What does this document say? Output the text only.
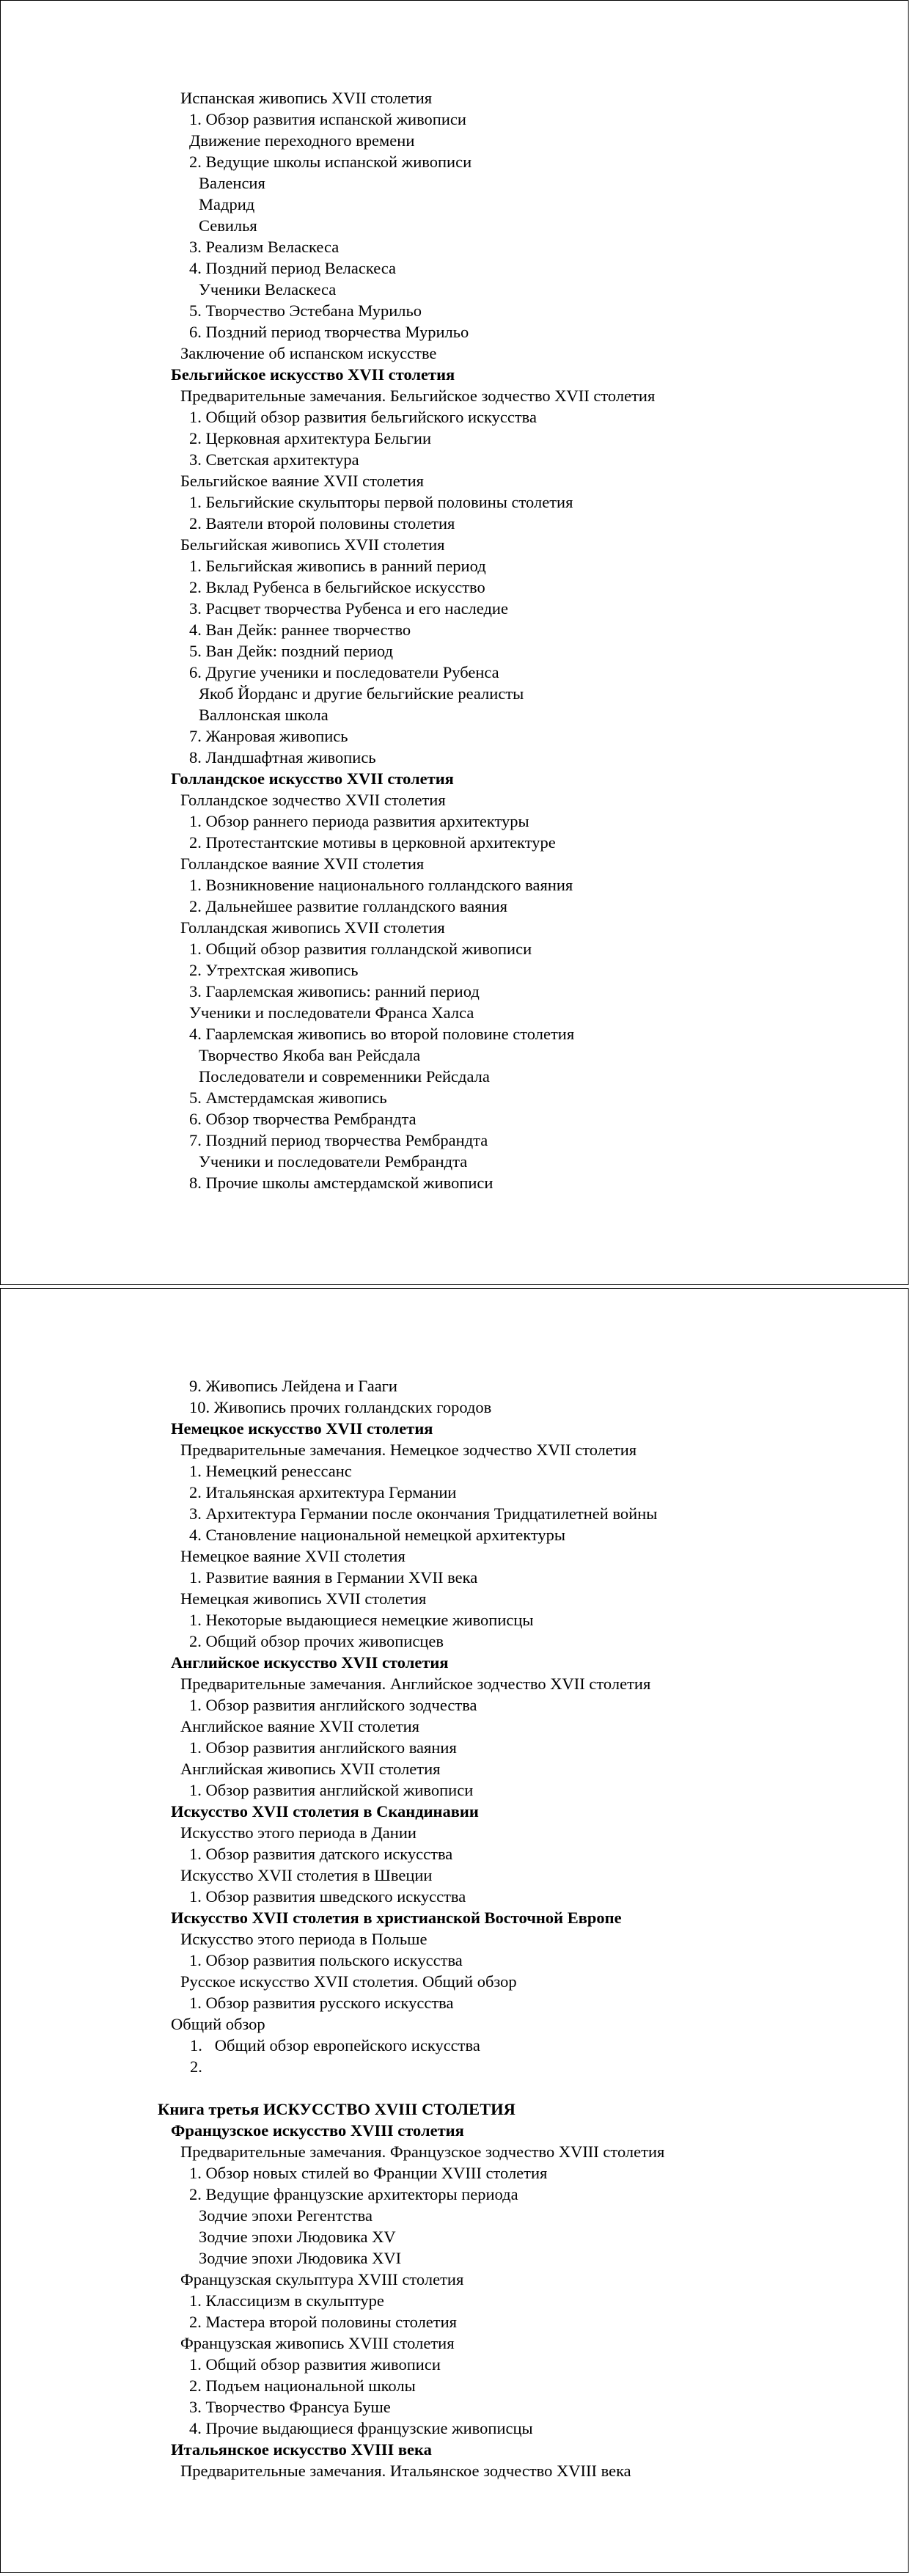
Испанская живопись XVII столетия
1. Обзор развития испанской живописи
Движение переходного времени
2. Ведущие школы испанской живописи
Валенсия
Мадрид
Севилья
3. Реализм Веласкеса
4. Поздний период Веласкеса
Ученики Веласкеса
5. Творчество Эстебана Мурильо
6. Поздний период творчества Мурильо
Заключение об испанском искусстве
Бельгийское искусство XVII столетия
Предварительные замечания. Бельгийское зодчество XVII столетия
1. Общий обзор развития бельгийского искусства
2. Церковная архитектура Бельгии
3. Светская архитектура
Бельгийское ваяние XVII столетия
1. Бельгийские скульпторы первой половины столетия
2. Ваятели второй половины столетия
Бельгийская живопись XVII столетия
1. Бельгийская живопись в ранний период
2. Вклад Рубенса в бельгийское искусство
3. Расцвет творчества Рубенса и его наследие
4. Ван Дейк: раннее творчество
5. Ван Дейк: поздний период
6. Другие ученики и последователи Рубенса
Якоб Йорданс и другие бельгийские реалисты
Валлонская школа
7. Жанровая живопись
8. Ландшафтная живопись
Голландское искусство XVII столетия
Голландское зодчество XVII столетия
1. Обзор раннего периода развития архитектуры
2. Протестантские мотивы в церковной архитектуре
Голландское ваяние XVII столетия
1. Возникновение национального голландского ваяния
2. Дальнейшее развитие голландского ваяния
Голландская живопись XVII столетия
1. Общий обзор развития голландской живописи
2. Утрехтская живопись
3. Гаарлемская живопись: ранний период
Ученики и последователи Франса Халса
4. Гаарлемская живопись во второй половине столетия
Творчество Якоба ван Рейсдала
Последователи и современники Рейсдала
5. Амстердамская живопись
6. Обзор творчества Рембрандта
7. Поздний период творчества Рембрандта
Ученики и последователи Рембрандта
8. Прочие школы амстердамской живописи
9. Живопись Лейдена и Гааги
10. Живопись прочих голландских городов
Немецкое искусство XVII столетия
Предварительные замечания. Немецкое зодчество XVII столетия
1. Немецкий ренессанс
2. Итальянская архитектура Германии
3. Архитектура Германии после окончания Тридцатилетней войны
4. Становление национальной немецкой архитектуры
Немецкое ваяние XVII столетия
1. Развитие ваяния в Германии XVII века
Немецкая живопись XVII столетия
1. Некоторые выдающиеся немецкие живописцы
2. Общий обзор прочих живописцев
Английское искусство XVII столетия
Предварительные замечания. Английское зодчество XVII столетия
1. Обзор развития английского зодчества
Английское ваяние XVII столетия
1. Обзор развития английского ваяния
Английская живопись XVII столетия
1. Обзор развития английской живописи
Искусство XVII столетия в Скандинавии
Искусство этого периода в Дании
1. Обзор развития датского искусства
Искусство XVII столетия в Швеции
1. Обзор развития шведского искусства
Искусство XVII столетия в христианской Восточной Европе
Искусство этого периода в Польше
1. Обзор развития польского искусства
Русское искусство XVII столетия. Общий обзор
1. Обзор развития русского искусства
Общий обзор
1.   Общий обзор европейского искусства
2.
Книга третья ИСКУССТВО XVIII СТОЛЕТИЯ
Французское искусство XVIII столетия
Предварительные замечания. Французское зодчество XVIII столетия
1. Обзор новых стилей во Франции XVIII столетия
2. Ведущие французские архитекторы периода
Зодчие эпохи Регентства
Зодчие эпохи Людовика XV
Зодчие эпохи Людовика XVI
Французская скульптура XVIII столетия
1. Классицизм в скульптуре
2. Мастера второй половины столетия
Французская живопись XVIII столетия
1. Общий обзор развития живописи
2. Подъем национальной школы
3. Творчество Франсуа Буше
4. Прочие выдающиеся французские живописцы
Итальянское искусство XVIII века
Предварительные замечания. Итальянское зодчество XVIII века
